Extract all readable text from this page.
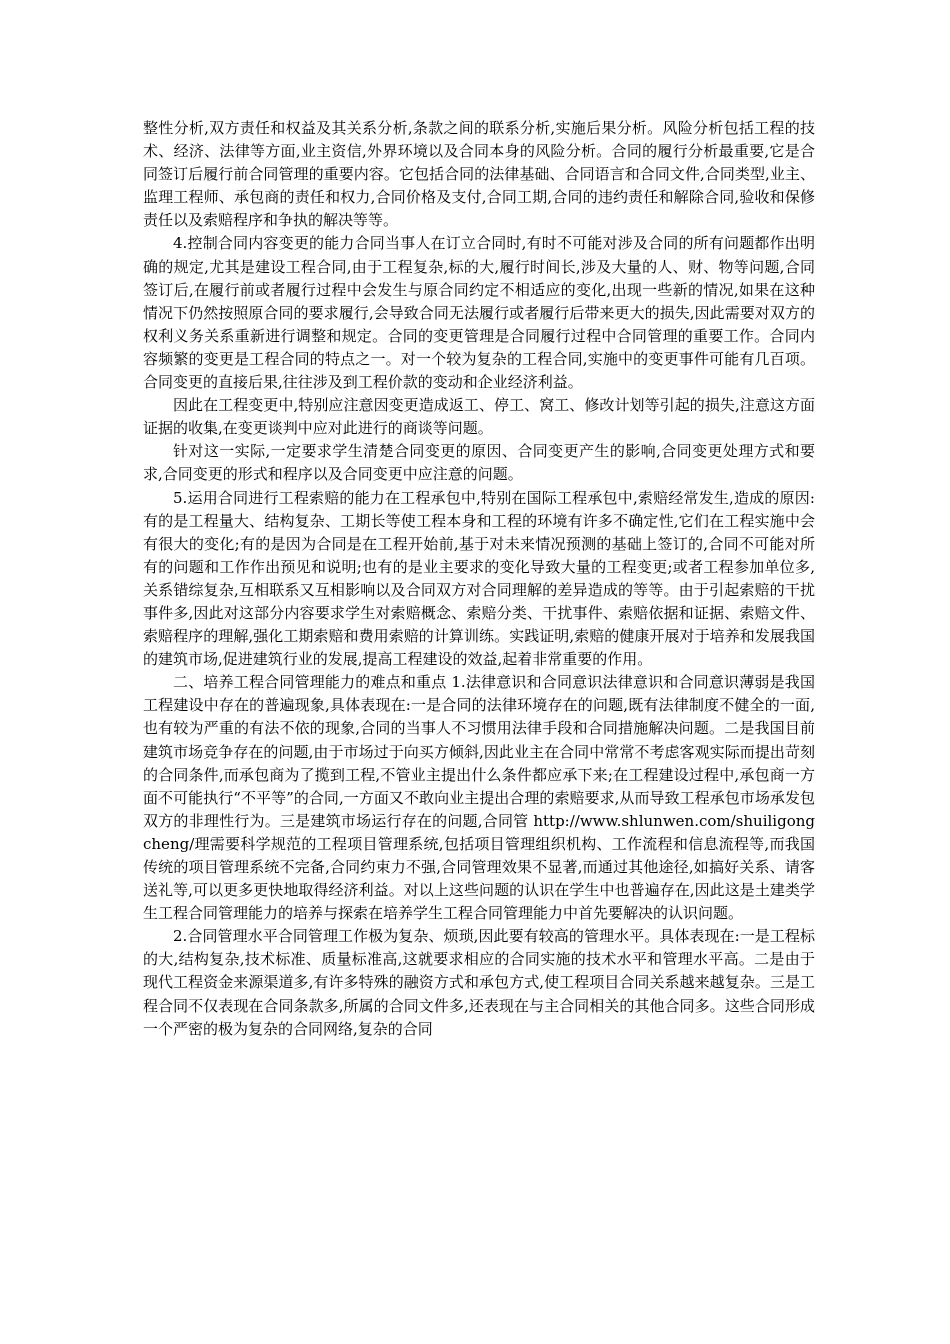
整性分析,双方责任和权益及其关系分析,条款之间的联系分析,实施后果分析。风险分析包括工程的技术、经济、法律等方面,业主资信,外界环境以及合同本身的风险分析。合同的履行分析最重要,它是合同签订后履行前合同管理的重要内容。它包括合同的法律基础、合同语言和合同文件,合同类型,业主、监理工程师、承包商的责任和权力,合同价格及支付,合同工期,合同的违约责任和解除合同,验收和保修责任以及索赔程序和争执的解决等等。

4.控制合同内容变更的能力合同当事人在订立合同时,有时不可能对涉及合同的所有问题都作出明确的规定,尤其是建设工程合同,由于工程复杂,标的大,履行时间长,涉及大量的人、财、物等问题,合同签订后,在履行前或者履行过程中会发生与原合同约定不相适应的变化,出现一些新的情况,如果在这种情况下仍然按照原合同的要求履行,会导致合同无法履行或者履行后带来更大的损失,因此需要对双方的权利义务关系重新进行调整和规定。合同的变更管理是合同履行过程中合同管理的重要工作。合同内容频繁的变更是工程合同的特点之一。对一个较为复杂的工程合同,实施中的变更事件可能有几百项。合同变更的直接后果,往往涉及到工程价款的变动和企业经济利益。

因此在工程变更中,特别应注意因变更造成返工、停工、窝工、修改计划等引起的损失,注意这方面证据的收集,在变更谈判中应对此进行的商谈等问题。

针对这一实际,一定要求学生清楚合同变更的原因、合同变更产生的影响,合同变更处理方式和要求,合同变更的形式和程序以及合同变更中应注意的问题。

5.运用合同进行工程索赔的能力在工程承包中,特别在国际工程承包中,索赔经常发生,造成的原因:有的是工程量大、结构复杂、工期长等使工程本身和工程的环境有许多不确定性,它们在工程实施中会有很大的变化;有的是因为合同是在工程开始前,基于对未来情况预测的基础上签订的,合同不可能对所有的问题和工作作出预见和说明;也有的是业主要求的变化导致大量的工程变更;或者工程参加单位多,关系错综复杂,互相联系又互相影响以及合同双方对合同理解的差异造成的等等。由于引起索赔的干扰事件多,因此对这部分内容要求学生对索赔概念、索赔分类、干扰事件、索赔依据和证据、索赔文件、索赔程序的理解,强化工期索赔和费用索赔的计算训练。实践证明,索赔的健康开展对于培养和发展我国的建筑市场,促进建筑行业的发展,提高工程建设的效益,起着非常重要的作用。

二、培养工程合同管理能力的难点和重点 1.法律意识和合同意识法律意识和合同意识薄弱是我国工程建设中存在的普遍现象,具体表现在:一是合同的法律环境存在的问题,既有法律制度不健全的一面,也有较为严重的有法不依的现象,合同的当事人不习惯用法律手段和合同措施解决问题。二是我国目前建筑市场竞争存在的问题,由于市场过于向买方倾斜,因此业主在合同中常常不考虑客观实际而提出苛刻的合同条件,而承包商为了揽到工程,不管业主提出什么条件都应承下来;在工程建设过程中,承包商一方面不可能执行“不平等”的合同,一方面又不敢向业主提出合理的索赔要求,从而导致工程承包市场承发包双方的非理性行为。三是建筑市场运行存在的问题,合同管 http://www.shlunwen.com/shuiligongcheng/理需要科学规范的工程项目管理系统,包括项目管理组织机构、工作流程和信息流程等,而我国传统的项目管理系统不完备,合同约束力不强,合同管理效果不显著,而通过其他途径,如搞好关系、请客送礼等,可以更多更快地取得经济利益。对以上这些问题的认识在学生中也普遍存在,因此这是土建类学生工程合同管理能力的培养与探索在培养学生工程合同管理能力中首先要解决的认识问题。

2.合同管理水平合同管理工作极为复杂、烦琐,因此要有较高的管理水平。具体表现在:一是工程标的大,结构复杂,技术标准、质量标准高,这就要求相应的合同实施的技术水平和管理水平高。二是由于现代工程资金来源渠道多,有许多特殊的融资方式和承包方式,使工程项目合同关系越来越复杂。三是工程合同不仅表现在合同条款多,所属的合同文件多,还表现在与主合同相关的其他合同多。这些合同形成一个严密的极为复杂的合同网络,复杂的合同
